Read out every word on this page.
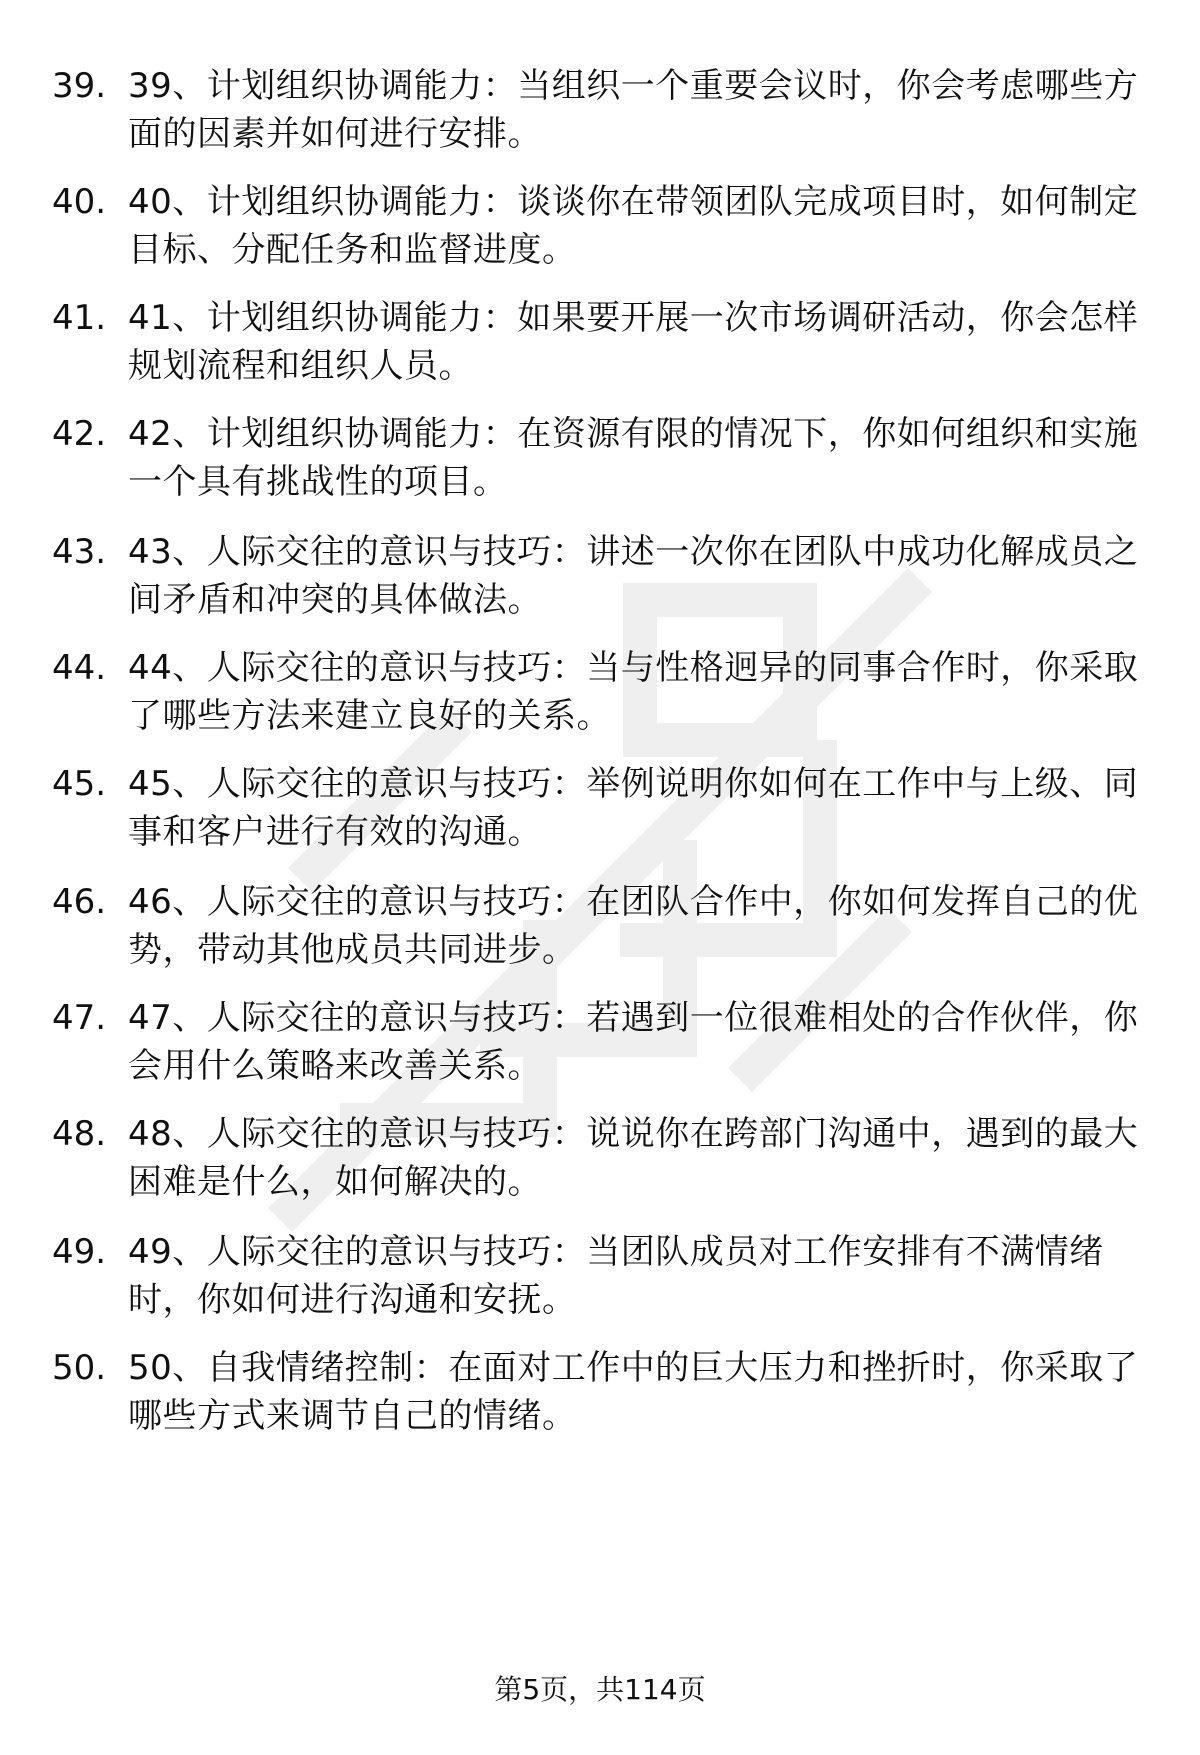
39. 39、计划组织协调能力：当组织一个重要会议时，你会考虑哪些方面的因素并如何进行安排。
40. 40、计划组织协调能力：谈谈你在带领团队完成项目时，如何制定目标、分配任务和监督进度。
41. 41、计划组织协调能力：如果要开展一次市场调研活动，你会怎样规划流程和组织人员。
42. 42、计划组织协调能力：在资源有限的情况下，你如何组织和实施一个具有挑战性的项目。
43. 43、人际交往的意识与技巧：讲述一次你在团队中成功化解成员之间矛盾和冲突的具体做法。
44. 44、人际交往的意识与技巧：当与性格迥异的同事合作时，你采取了哪些方法来建立良好的关系。
45. 45、人际交往的意识与技巧：举例说明你如何在工作中与上级、同事和客户进行有效的沟通。
46. 46、人际交往的意识与技巧：在团队合作中，你如何发挥自己的优势，带动其他成员共同进步。
47. 47、人际交往的意识与技巧：若遇到一位很难相处的合作伙伴，你会用什么策略来改善关系。
48. 48、人际交往的意识与技巧：说说你在跨部门沟通中，遇到的最大困难是什么，如何解决的。
49. 49、人际交往的意识与技巧：当团队成员对工作安排有不满情绪时，你如何进行沟通和安抚。
50. 50、自我情绪控制：在面对工作中的巨大压力和挫折时，你采取了哪些方式来调节自己的情绪。
第5页，共114页
